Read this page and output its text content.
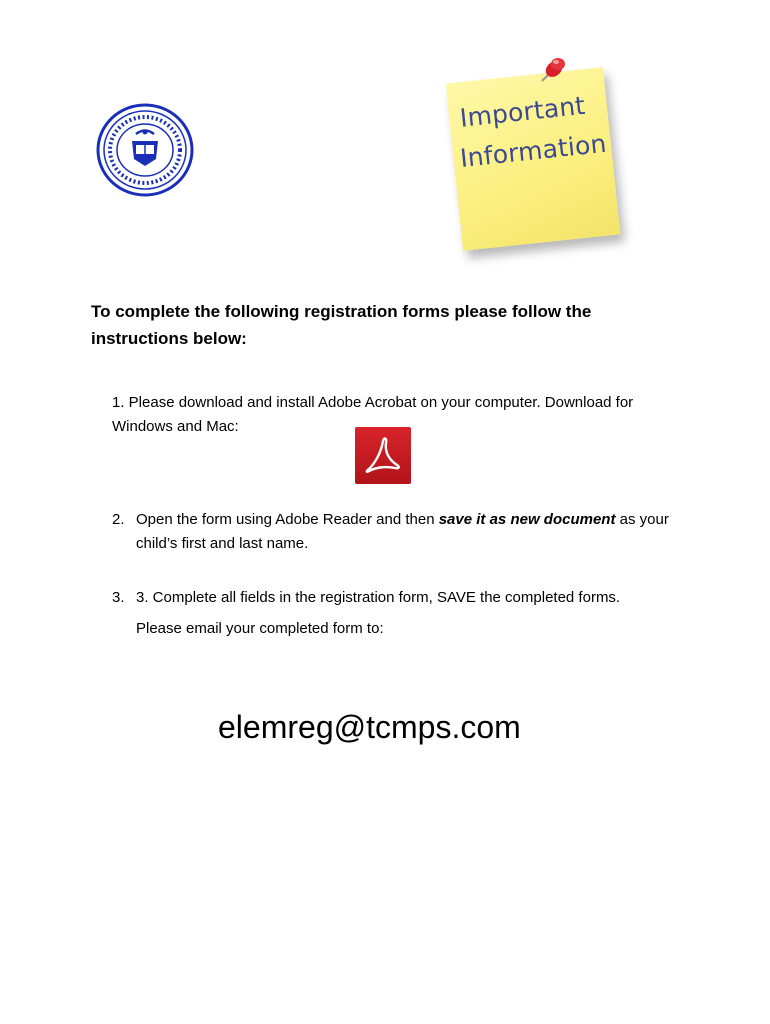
Important
Information
To complete the following registration forms please follow the instructions below:
1. Please download and install Adobe Acrobat on your computer. Download for Windows and Mac:
2. Open the form using Adobe Reader and then save it as new document as your child’s first and last name.
3. 3. Complete all fields in the registration form, SAVE the completed forms.
Please email your completed form to:
elemreg@tcmps.com
